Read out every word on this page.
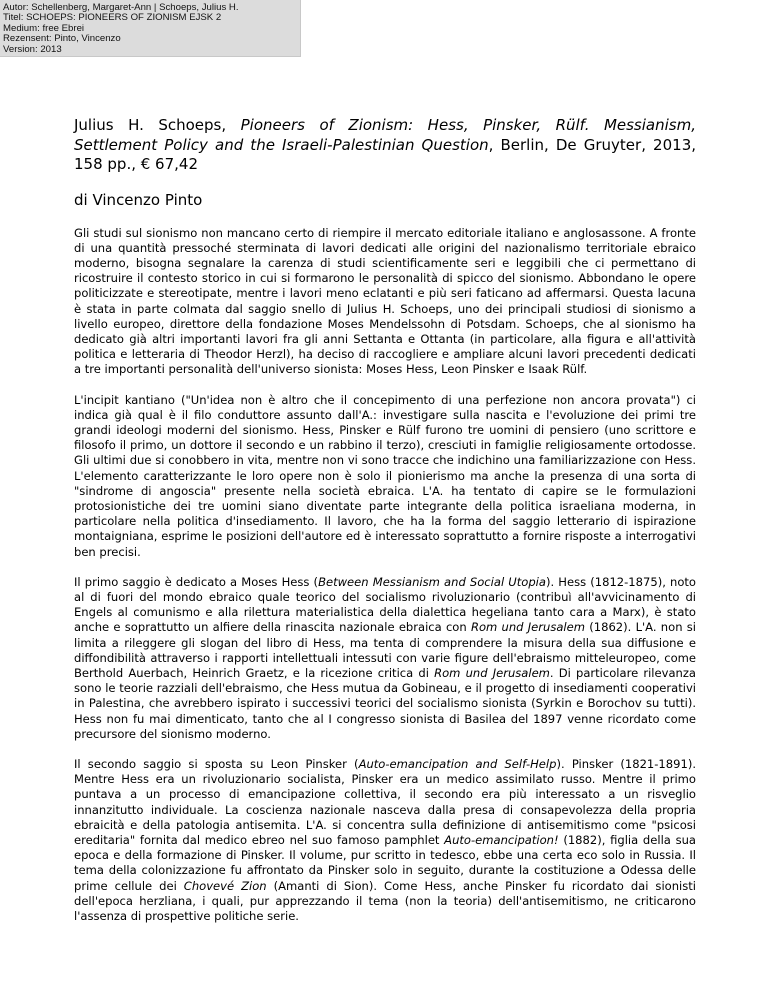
Autor: Schellenberg, Margaret-Ann | Schoeps, Julius H.
Titel: SCHOEPS: PIONEERS OF ZIONISM EJSK 2
Medium: free Ebrei
Rezensent: Pinto, Vincenzo
Version: 2013

Julius H. Schoeps, Pioneers of Zionism: Hess, Pinsker, Rülf. Messianism, Settlement Policy and the Israeli-Palestinian Question, Berlin, De Gruyter, 2013, 158 pp., € 67,42

di Vincenzo Pinto

Gli studi sul sionismo non mancano certo di riempire il mercato editoriale italiano e anglosassone. A fronte di una quantità pressoché sterminata di lavori dedicati alle origini del nazionalismo territoriale ebraico moderno, bisogna segnalare la carenza di studi scientificamente seri e leggibili che ci permettano di ricostruire il contesto storico in cui si formarono le personalità di spicco del sionismo. Abbondano le opere politicizzate e stereotipate, mentre i lavori meno eclatanti e più seri faticano ad affermarsi. Questa lacuna è stata in parte colmata dal saggio snello di Julius H. Schoeps, uno dei principali studiosi di sionismo a livello europeo, direttore della fondazione Moses Mendelssohn di Potsdam. Schoeps, che al sionismo ha dedicato già altri importanti lavori fra gli anni Settanta e Ottanta (in particolare, alla figura e all'attività politica e letteraria di Theodor Herzl), ha deciso di raccogliere e ampliare alcuni lavori precedenti dedicati a tre importanti personalità dell'universo sionista: Moses Hess, Leon Pinsker e Isaak Rülf.

L'incipit kantiano ("Un'idea non è altro che il concepimento di una perfezione non ancora provata") ci indica già qual è il filo conduttore assunto dall'A.: investigare sulla nascita e l'evoluzione dei primi tre grandi ideologi moderni del sionismo. Hess, Pinsker e Rülf furono tre uomini di pensiero (uno scrittore e filosofo il primo, un dottore il secondo e un rabbino il terzo), cresciuti in famiglie religiosamente ortodosse. Gli ultimi due si conobbero in vita, mentre non vi sono tracce che indichino una familiarizzazione con Hess. L'elemento caratterizzante le loro opere non è solo il pionierismo ma anche la presenza di una sorta di "sindrome di angoscia" presente nella società ebraica. L'A. ha tentato di capire se le formulazioni protosionistiche dei tre uomini siano diventate parte integrante della politica israeliana moderna, in particolare nella politica d'insediamento. Il lavoro, che ha la forma del saggio letterario di ispirazione montaigniana, esprime le posizioni dell'autore ed è interessato soprattutto a fornire risposte a interrogativi ben precisi.

Il primo saggio è dedicato a Moses Hess (Between Messianism and Social Utopia). Hess (1812-1875), noto al di fuori del mondo ebraico quale teorico del socialismo rivoluzionario (contribuì all'avvicinamento di Engels al comunismo e alla rilettura materialistica della dialettica hegeliana tanto cara a Marx), è stato anche e soprattutto un alfiere della rinascita nazionale ebraica con Rom und Jerusalem (1862). L'A. non si limita a rileggere gli slogan del libro di Hess, ma tenta di comprendere la misura della sua diffusione e diffondibilità attraverso i rapporti intellettuali intessuti con varie figure dell'ebraismo mitteleuropeo, come Berthold Auerbach, Heinrich Graetz, e la ricezione critica di Rom und Jerusalem. Di particolare rilevanza sono le teorie razziali dell'ebraismo, che Hess mutua da Gobineau, e il progetto di insediamenti cooperativi in Palestina, che avrebbero ispirato i successivi teorici del socialismo sionista (Syrkin e Borochov su tutti). Hess non fu mai dimenticato, tanto che al I congresso sionista di Basilea del 1897 venne ricordato come precursore del sionismo moderno.

Il secondo saggio si sposta su Leon Pinsker (Auto-emancipation and Self-Help). Pinsker (1821-1891). Mentre Hess era un rivoluzionario socialista, Pinsker era un medico assimilato russo. Mentre il primo puntava a un processo di emancipazione collettiva, il secondo era più interessato a un risveglio innanzitutto individuale. La coscienza nazionale nasceva dalla presa di consapevolezza della propria ebraicità e della patologia antisemita. L'A. si concentra sulla definizione di antisemitismo come "psicosi ereditaria" fornita dal medico ebreo nel suo famoso pamphlet Auto-emancipation! (1882), figlia della sua epoca e della formazione di Pinsker. Il volume, pur scritto in tedesco, ebbe una certa eco solo in Russia. Il tema della colonizzazione fu affrontato da Pinsker solo in seguito, durante la costituzione a Odessa delle prime cellule dei Chovevé Zion (Amanti di Sion). Come Hess, anche Pinsker fu ricordato dai sionisti dell'epoca herzliana, i quali, pur apprezzando il tema (non la teoria) dell'antisemitismo, ne criticarono l'assenza di prospettive politiche serie.
